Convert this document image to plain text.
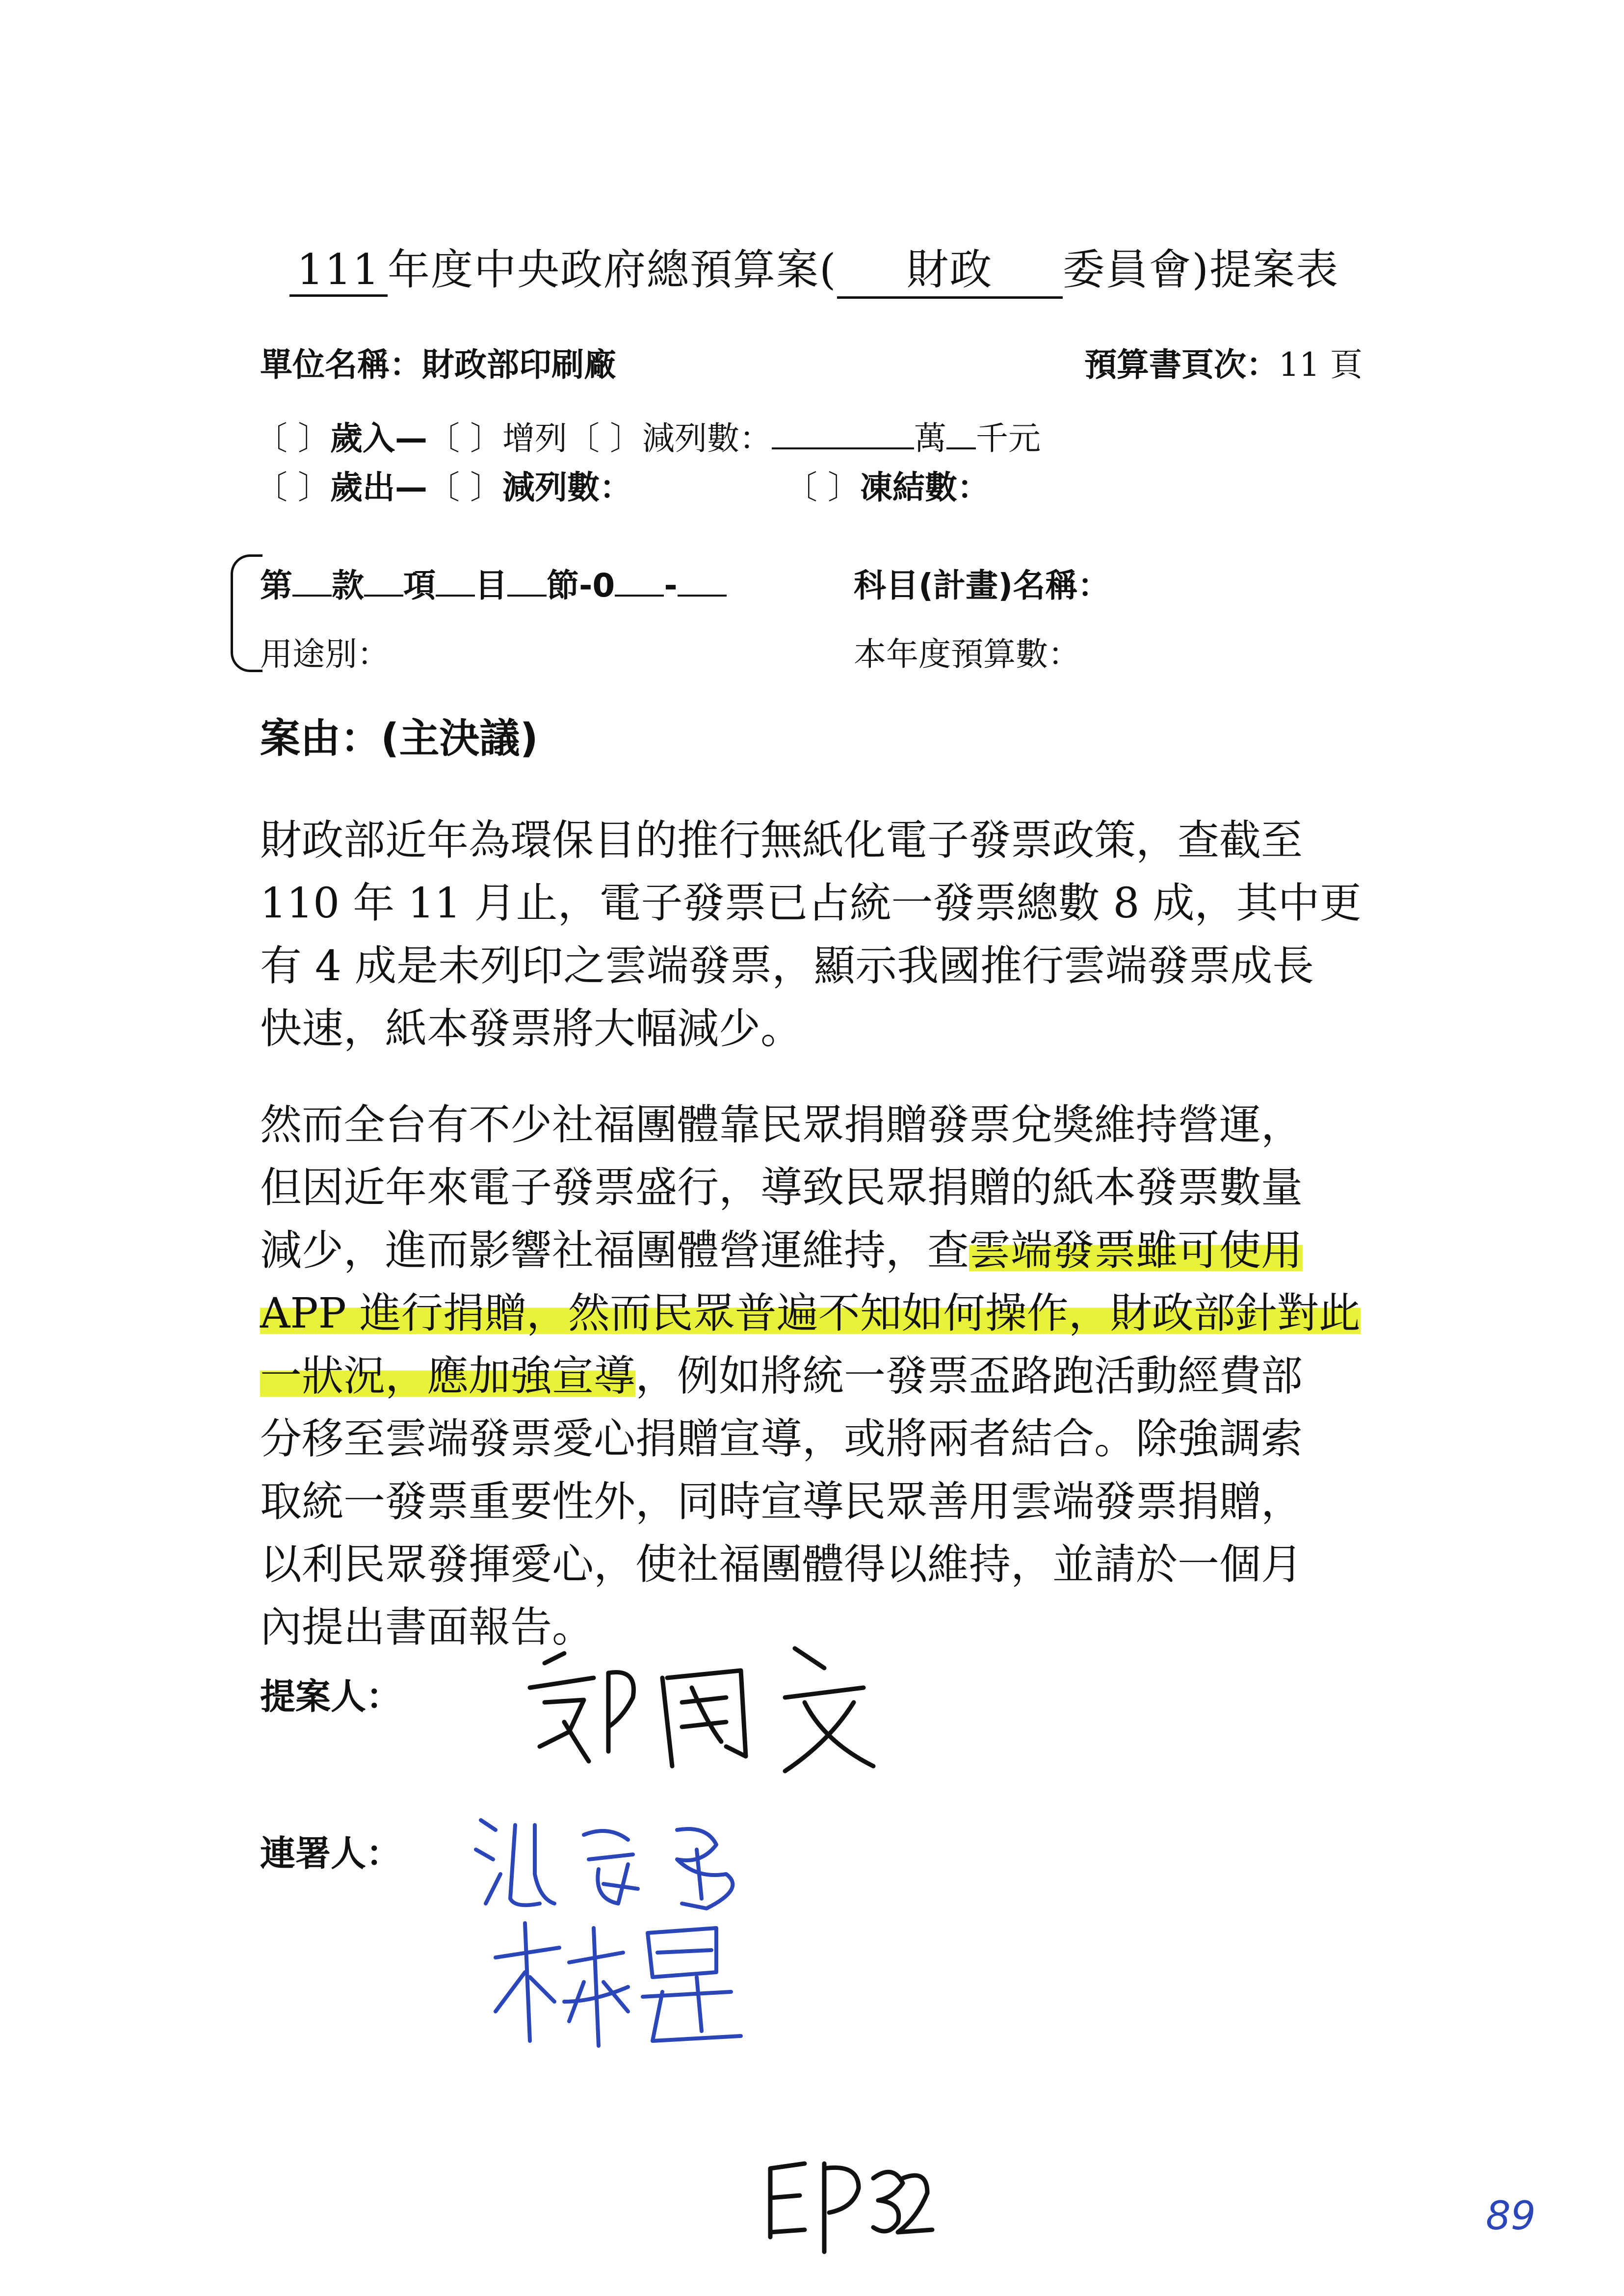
111 年度中央政府總預算案( 財政 委員會)提案表
單位名稱：財政部印刷廠	預算書頁次：11 頁
〔 〕歲入—〔 〕增列〔 〕減列數：	萬 千元
〔 〕歲出—〔 〕減列數：	〔 〕凍結數：
第 款 項 目 節-0 -	科目(計畫)名稱：
用途別：	本年度預算數：
案由：(主決議)
財政部近年為環保目的推行無紙化電子發票政策，查截至
110 年 11 月止，電子發票已占統一發票總數 8 成，其中更
有 4 成是未列印之雲端發票，顯示我國推行雲端發票成長
快速，紙本發票將大幅減少。
然而全台有不少社福團體靠民眾捐贈發票兌獎維持營運，
但因近年來電子發票盛行，導致民眾捐贈的紙本發票數量
減少，進而影響社福團體營運維持，查雲端發票雖可使用
APP 進行捐贈，然而民眾普遍不知如何操作，財政部針對此
一狀況，應加強宣導，例如將統一發票盃路跑活動經費部
分移至雲端發票愛心捐贈宣導，或將兩者結合。除強調索
取統一發票重要性外，同時宣導民眾善用雲端發票捐贈，
以利民眾發揮愛心，使社福團體得以維持，並請於一個月
內提出書面報告。
提案人：
連署人：
89
